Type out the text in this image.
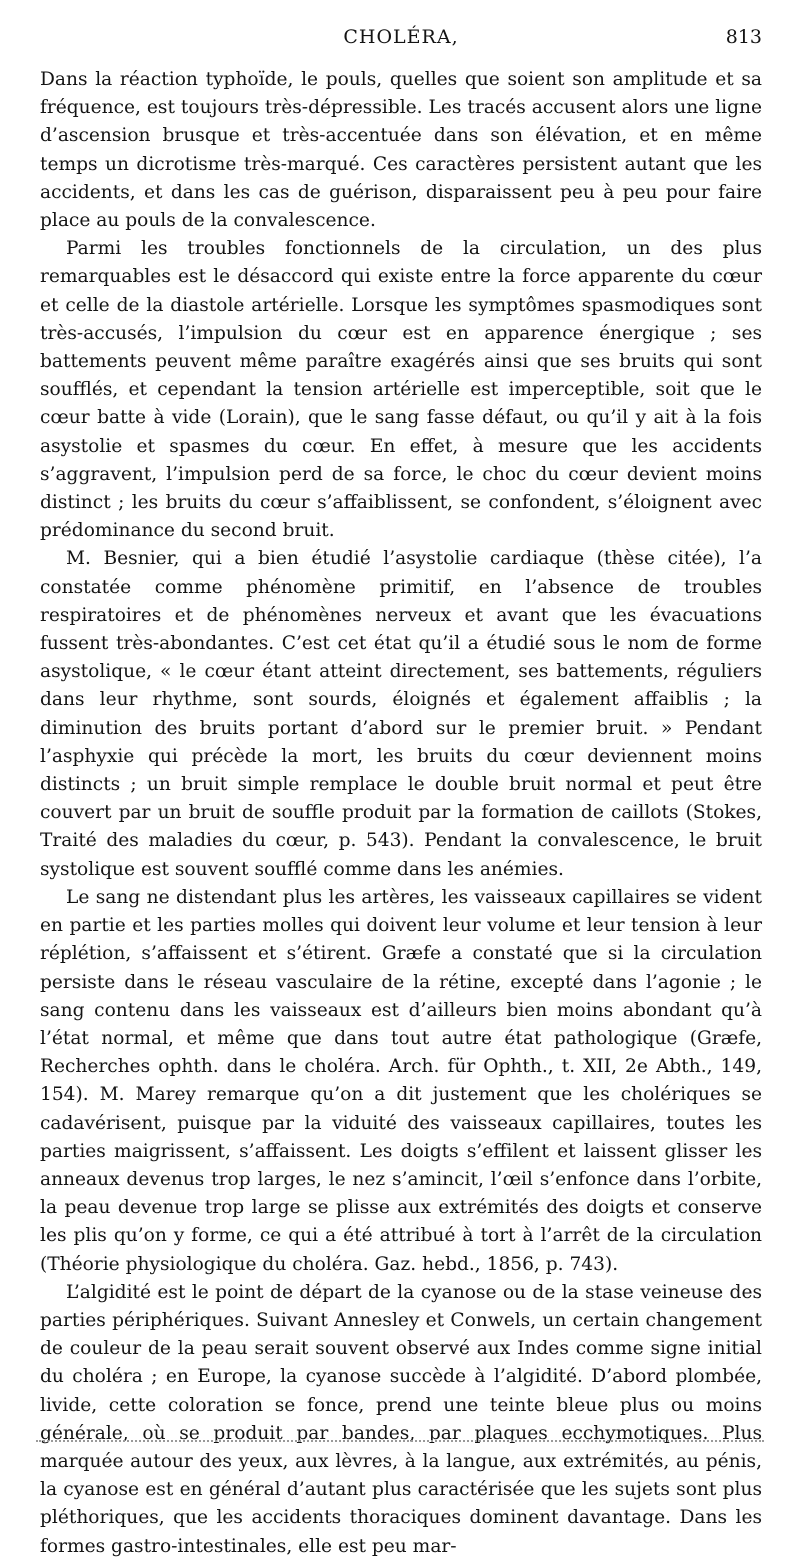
CHOLÉRA,	813

Dans la réaction typhoïde, le pouls, quelles que soient son amplitude et sa fréquence, est toujours très-dépressible. Les tracés accusent alors une ligne d’ascension brusque et très-accentuée dans son élévation, et en même temps un dicrotisme très-marqué. Ces caractères persistent autant que les accidents, et dans les cas de guérison, disparaissent peu à peu pour faire place au pouls de la convalescence.

Parmi les troubles fonctionnels de la circulation, un des plus remarquables est le désaccord qui existe entre la force apparente du cœur et celle de la diastole artérielle. Lorsque les symptômes spasmodiques sont très-accusés, l’impulsion du cœur est en apparence énergique ; ses battements peuvent même paraître exagérés ainsi que ses bruits qui sont soufflés, et cependant la tension artérielle est imperceptible, soit que le cœur batte à vide (Lorain), que le sang fasse défaut, ou qu’il y ait à la fois asystolie et spasmes du cœur. En effet, à mesure que les accidents s’aggravent, l’impulsion perd de sa force, le choc du cœur devient moins distinct ; les bruits du cœur s’affaiblissent, se confondent, s’éloignent avec prédominance du second bruit.

M. Besnier, qui a bien étudié l’asystolie cardiaque (thèse citée), l’a constatée comme phénomène primitif, en l’absence de troubles respiratoires et de phénomènes nerveux et avant que les évacuations fussent très-abondantes. C’est cet état qu’il a étudié sous le nom de forme asystolique, « le cœur étant atteint directement, ses battements, réguliers dans leur rhythme, sont sourds, éloignés et également affaiblis ; la diminution des bruits portant d’abord sur le premier bruit. » Pendant l’asphyxie qui précède la mort, les bruits du cœur deviennent moins distincts ; un bruit simple remplace le double bruit normal et peut être couvert par un bruit de souffle produit par la formation de caillots (Stokes, Traité des maladies du cœur, p. 543). Pendant la convalescence, le bruit systolique est souvent soufflé comme dans les anémies.

Le sang ne distendant plus les artères, les vaisseaux capillaires se vident en partie et les parties molles qui doivent leur volume et leur tension à leur réplétion, s’affaissent et s’étirent. Græfe a constaté que si la circulation persiste dans le réseau vasculaire de la rétine, excepté dans l’agonie ; le sang contenu dans les vaisseaux est d’ailleurs bien moins abondant qu’à l’état normal, et même que dans tout autre état pathologique (Græfe, Recherches ophth. dans le choléra. Arch. für Ophth., t. XII, 2e Abth., 149, 154). M. Marey remarque qu’on a dit justement que les cholériques se cadavérisent, puisque par la viduité des vaisseaux capillaires, toutes les parties maigrissent, s’affaissent. Les doigts s’effilent et laissent glisser les anneaux devenus trop larges, le nez s’amincit, l’œil s’enfonce dans l’orbite, la peau devenue trop large se plisse aux extrémités des doigts et conserve les plis qu’on y forme, ce qui a été attribué à tort à l’arrêt de la circulation (Théorie physiologique du choléra. Gaz. hebd., 1856, p. 743).

L’algidité est le point de départ de la cyanose ou de la stase veineuse des parties périphériques. Suivant Annesley et Conwels, un certain changement de couleur de la peau serait souvent observé aux Indes comme signe initial du choléra ; en Europe, la cyanose succède à l’algidité. D’abord plombée, livide, cette coloration se fonce, prend une teinte bleue plus ou moins générale, où se produit par bandes, par plaques ecchymotiques. Plus marquée autour des yeux, aux lèvres, à la langue, aux extrémités, au pénis, la cyanose est en général d’autant plus caractérisée que les sujets sont plus pléthoriques, que les accidents thoraciques dominent davantage. Dans les formes gastro-intestinales, elle est peu mar-
